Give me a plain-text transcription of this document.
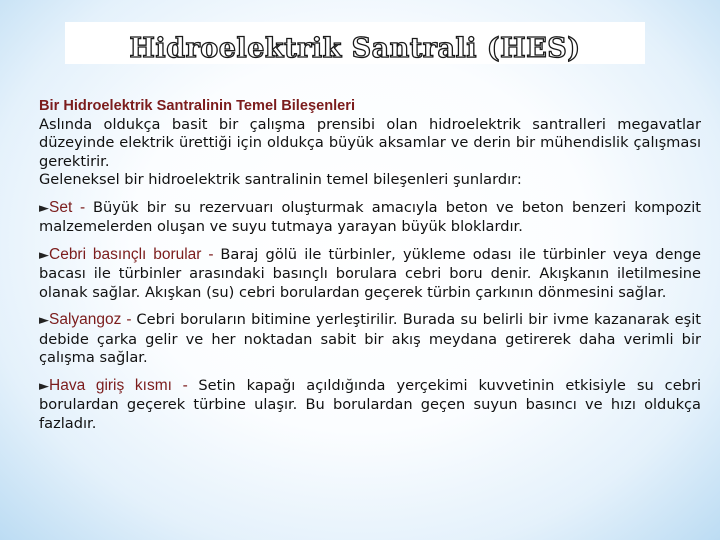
Hidroelektrik Santrali (HES)
Bir Hidroelektrik Santralinin Temel Bileşenleri

Aslında oldukça basit bir çalışma prensibi olan hidroelektrik santralleri megavatlar düzeyinde elektrik ürettiği için oldukça büyük aksamlar ve derin bir mühendislik çalışması gerektirir.

Geleneksel bir hidroelektrik santralinin temel bileşenleri şunlardır:

►Set - Büyük bir su rezervuarı oluşturmak amacıyla beton ve beton benzeri kompozit malzemelerden oluşan ve suyu tutmaya yarayan büyük bloklardır.

►Cebri basınçlı borular - Baraj gölü ile türbinler, yükleme odası ile türbinler veya denge bacası ile türbinler arasındaki basınçlı borulara cebri boru denir. Akışkanın iletilmesine olanak sağlar. Akışkan (su) cebri borulardan geçerek türbin çarkının dönmesini sağlar.

►Salyangoz - Cebri boruların bitimine yerleştirilir. Burada su belirli bir ivme kazanarak eşit debide çarka gelir ve her noktadan sabit bir akış meydana getirerek daha verimli bir çalışma sağlar.

►Hava giriş kısmı - Setin kapağı açıldığında yerçekimi kuvvetinin etkisiyle su cebri borulardan geçerek türbine ulaşır. Bu borulardan geçen suyun basıncı ve hızı oldukça fazladır.
